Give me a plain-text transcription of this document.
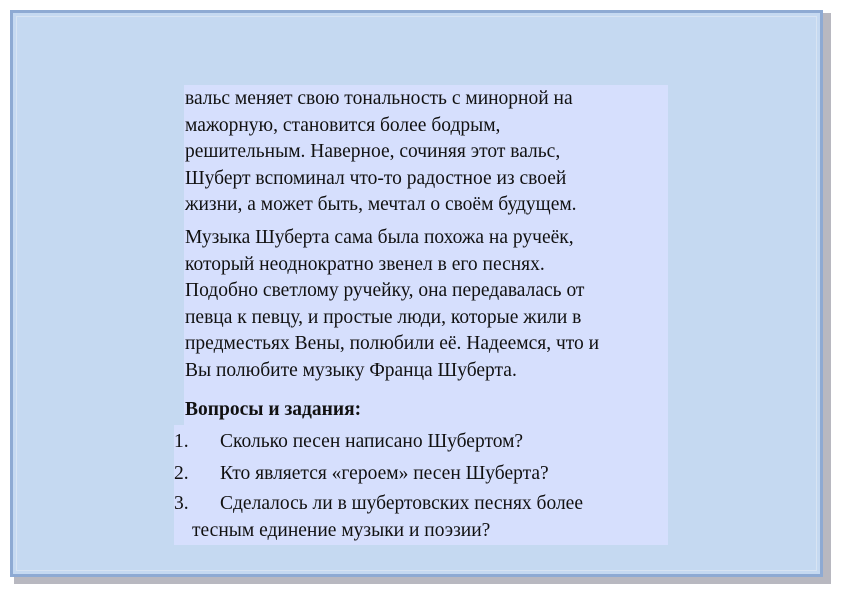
вальс меняет свою тональность с минорной на
мажорную, становится более бодрым,
решительным. Наверное, сочиняя этот вальс,
Шуберт вспоминал что-то радостное из своей
жизни, а может быть, мечтал о своём будущем.

Музыка Шуберта сама была похожа на ручеёк,
который неоднократно звенел в его песнях.
Подобно светлому ручейку, она передавалась от
певца к певцу, и простые люди, которые жили в
предместьях Вены, полюбили её. Надеемся, что и
Вы полюбите музыку Франца Шуберта.

Вопросы и задания:

1. Сколько песен написано Шубертом?
2. Кто является «героем» песен Шуберта?
3. Сделалось ли в шубертовских песнях более
тесным единение музыки и поэзии?
